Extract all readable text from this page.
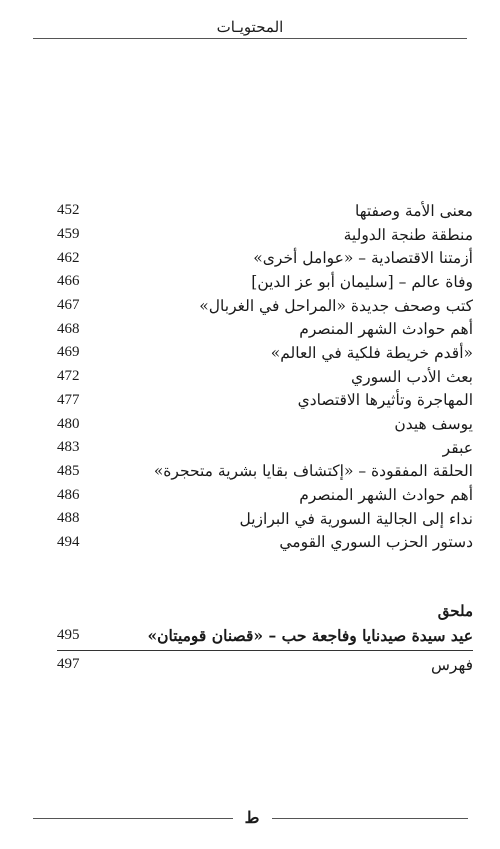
المحتويـات
معنى الأمة وصفتها
452
منطقة طنجة الدولية
459
أزمتنا الاقتصادية – «عوامل أخرى»
462
وفاة عالم – [سليمان أبو عز الدين]
466
كتب وصحف جديدة «المراحل في الغربال»
467
أهم حوادث الشهر المنصرم
468
«أقدم خريطة فلكية في العالم»
469
بعث الأدب السوري
472
المهاجرة وتأثيرها الاقتصادي
477
يوسف هيدن
480
عبقر
483
الحلقة المفقودة – «إكتشاف بقايا بشرية متحجرة»
485
أهم حوادث الشهر المنصرم
486
نداء إلى الجالية السورية في البرازيل
488
دستور الحزب السوري القومي
494
ملحق
عيد سيدة صيدنايا وفاجعة حب – «قصنان قوميتان»
495
فهرس
497
ط
